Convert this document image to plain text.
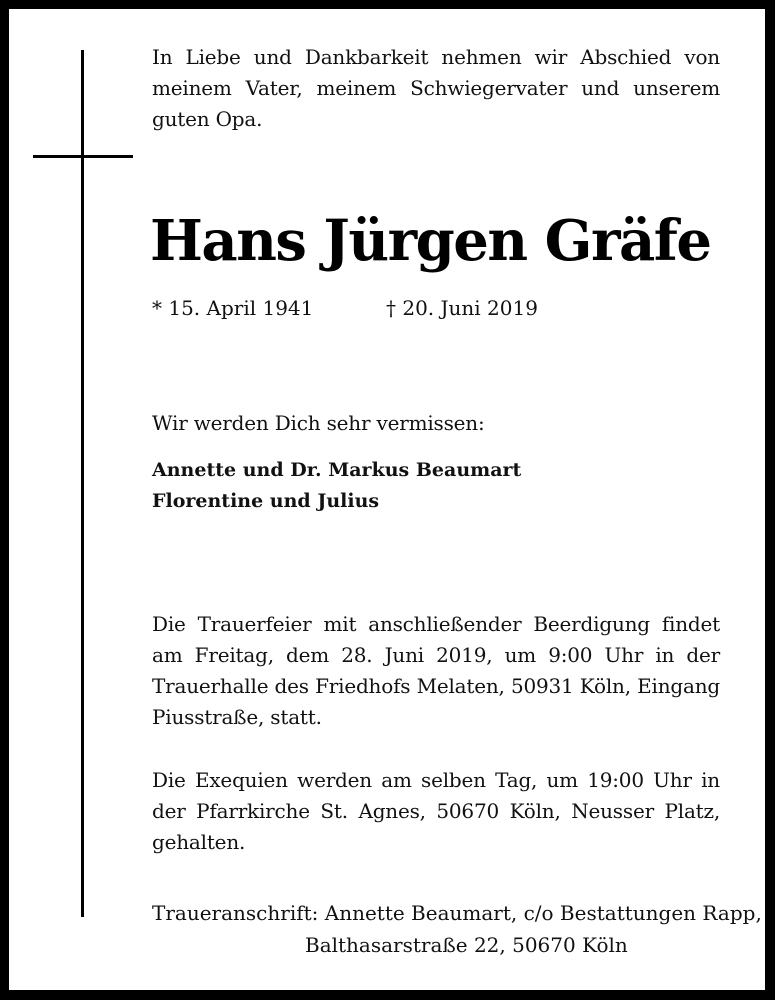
In Liebe und Dankbarkeit nehmen wir Abschied von meinem Vater, meinem Schwiegervater und unserem guten Opa.

Hans Jürgen Gräfe
* 15. April 1941	† 20. Juni 2019

Wir werden Dich sehr vermissen:

Annette und Dr. Markus Beaumart

Florentine und Julius

Die Trauerfeier mit anschließender Beerdigung findet am Freitag, dem 28. Juni 2019, um 9:00 Uhr in der Trauerhalle des Friedhofs Melaten, 50931 Köln, Eingang Piusstraße, statt.

Die Exequien werden am selben Tag, um 19:00 Uhr in der Pfarrkirche St. Agnes, 50670 Köln, Neusser Platz, gehalten.

Traueranschrift: Annette Beaumart, c/o Bestattungen Rapp,
Balthasarstraße 22, 50670 Köln
